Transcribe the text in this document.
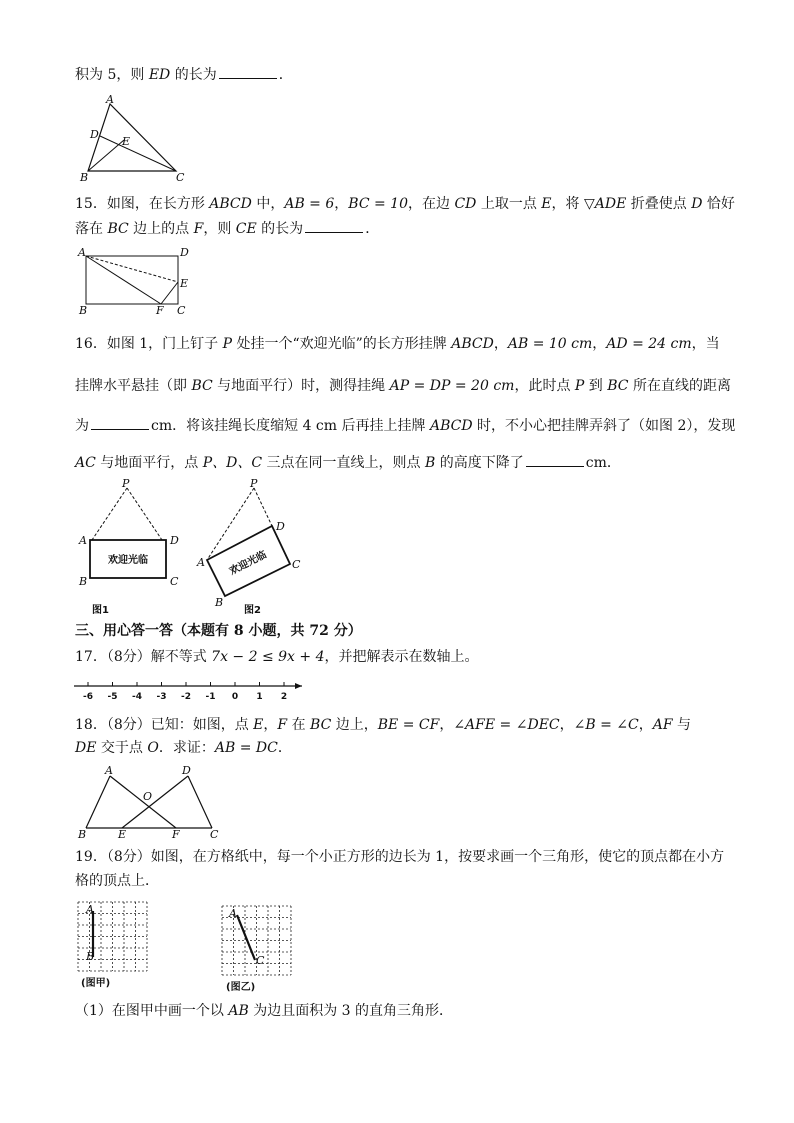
积为 5，则 ED 的长为	．
A
D
E
B	C
15．如图，在长方形 ABCD 中，AB = 6，BC = 10，在边 CD 上取一点 E，将 ▽ADE 折叠使点 D 恰好
落在 BC 边上的点 F，则 CE 的长为	．
A	D
E
B	F C
16．如图 1，门上钉子 P 处挂一个“欢迎光临”的长方形挂牌 ABCD，AB = 10 cm，AD = 24 cm，当
挂牌水平悬挂（即 BC 与地面平行）时，测得挂绳 AP = DP = 20 cm，此时点 P 到 BC 所在直线的距离
为	cm．将该挂绳长度缩短 4 cm 后再挂上挂牌 ABCD 时，不小心把挂牌弄斜了（如图 2），发现
AC 与地面平行，点 P、D、C 三点在同一直线上，则点 B 的高度下降了	cm．
欢迎光临
P
A	D
B	C
欢迎光临
P
A
D
C
B
图1	图2
三、用心答一答（本题有 8 小题，共 72 分）
17．（8分）解不等式 7x − 2 ≤ 9x + 4，并把解表示在数轴上。
-6 -5 -4 -3 -2 -1 0 1 2
18．（8分）已知：如图，点 E，F 在 BC 边上，BE = CF，∠AFE = ∠DEC，∠B = ∠C，AF 与
DE 交于点 O．求证：AB = DC．
A	D
O
B	E	F	C
19．（8分）如图，在方格纸中，每一个小正方形的边长为 1，按要求画一个三角形，使它的顶点都在小方
格的顶点上．
A
B
(图甲)
A
C
(图乙)
（1）在图甲中画一个以 AB 为边且面积为 3 的直角三角形．
